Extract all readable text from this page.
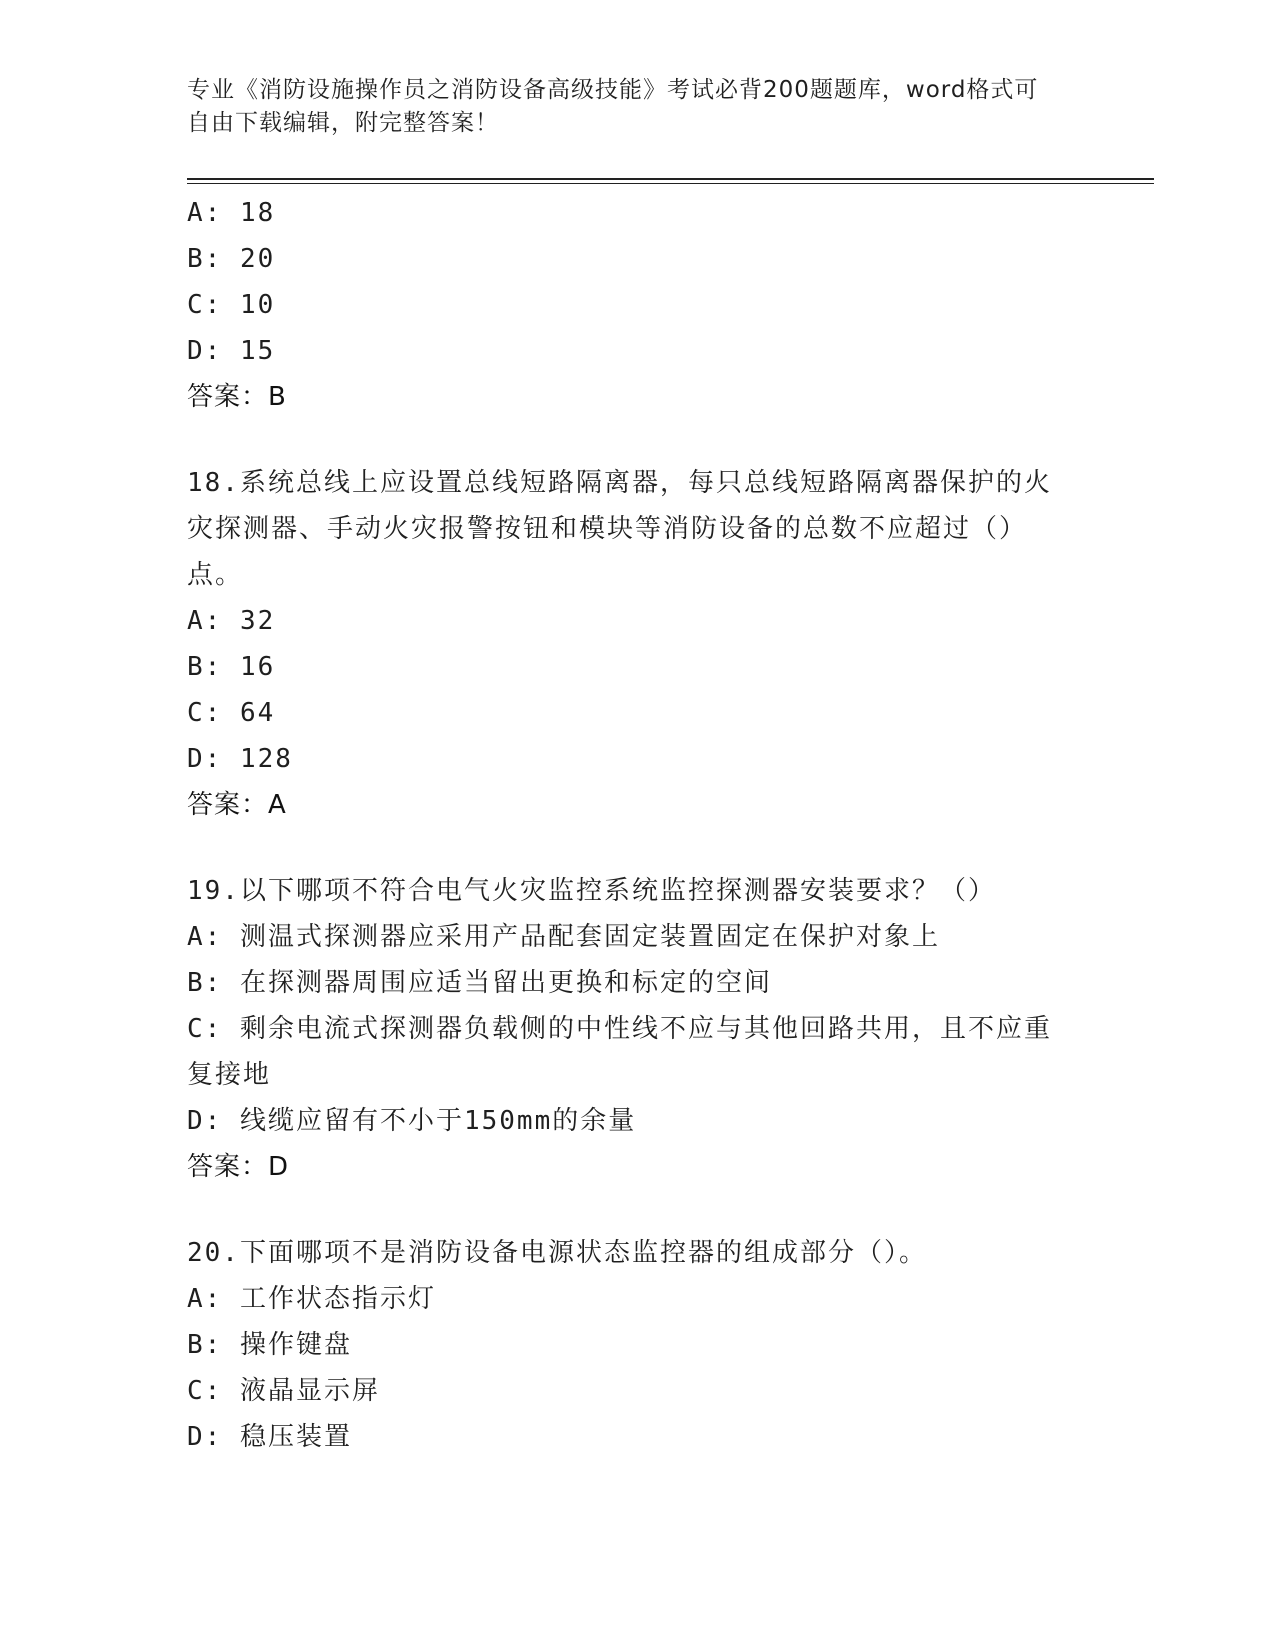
专业《消防设施操作员之消防设备高级技能》考试必背200题题库，word格式可
自由下载编辑，附完整答案！
A: 18
B: 20
C: 10
D: 15
答案：B
18.系统总线上应设置总线短路隔离器，每只总线短路隔离器保护的火
灾探测器、手动火灾报警按钮和模块等消防设备的总数不应超过（）
点。
A: 32
B: 16
C: 64
D: 128
答案：A
19.以下哪项不符合电气火灾监控系统监控探测器安装要求？（）
A: 测温式探测器应采用产品配套固定装置固定在保护对象上
B: 在探测器周围应适当留出更换和标定的空间
C: 剩余电流式探测器负载侧的中性线不应与其他回路共用，且不应重
复接地
D: 线缆应留有不小于150mm的余量
答案：D
20.下面哪项不是消防设备电源状态监控器的组成部分（）。
A: 工作状态指示灯
B: 操作键盘
C: 液晶显示屏
D: 稳压装置
